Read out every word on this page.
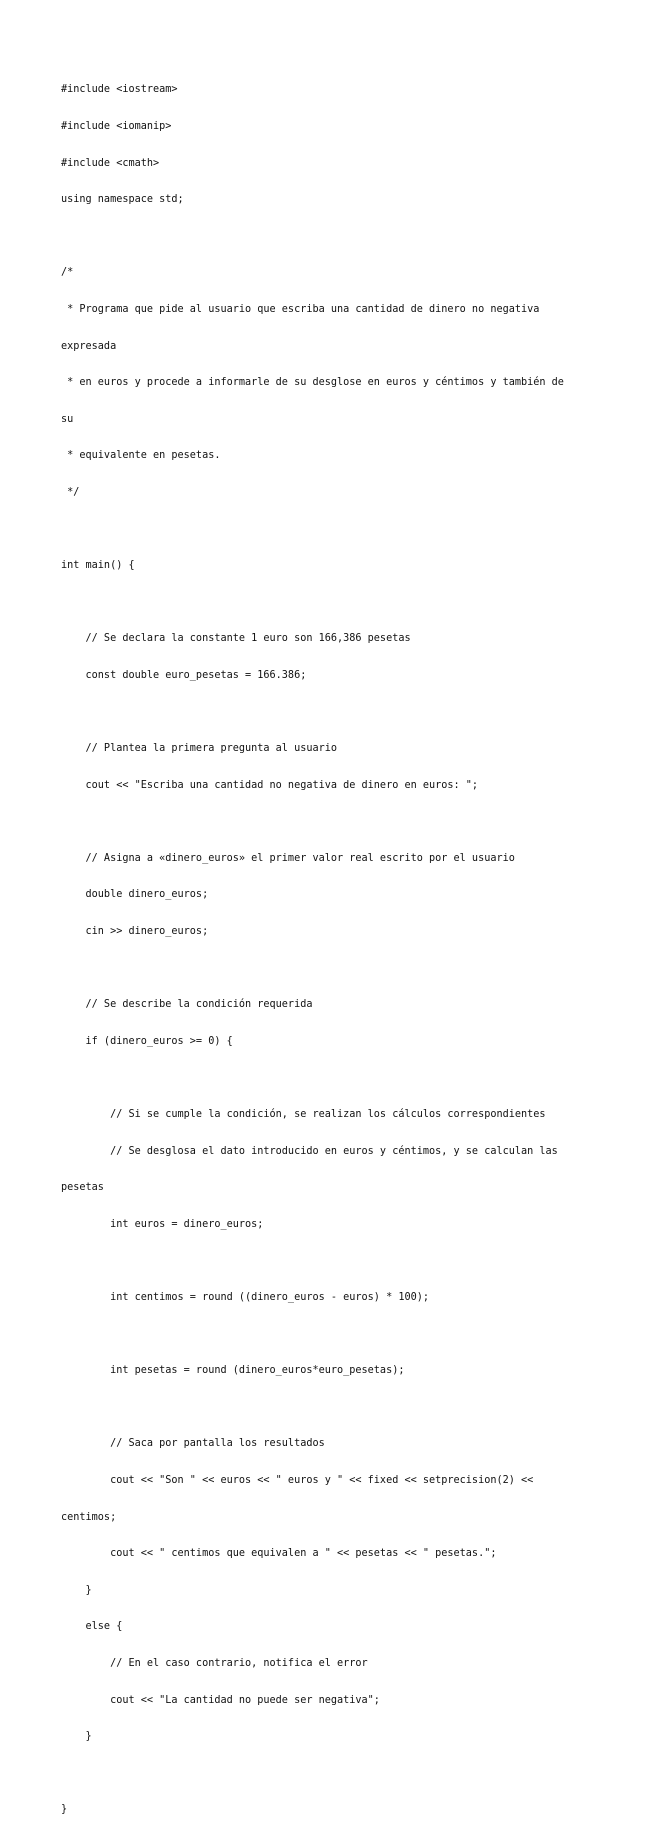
#include <iostream>

#include <iomanip>

#include <cmath>

using namespace std;

/*

* Programa que pide al usuario que escriba una cantidad de dinero no negativa

expresada

* en euros y procede a informarle de su desglose en euros y céntimos y también de

su

* equivalente en pesetas.

*/

int main() {

// Se declara la constante 1 euro son 166,386 pesetas

const double euro_pesetas = 166.386;

// Plantea la primera pregunta al usuario

cout << "Escriba una cantidad no negativa de dinero en euros: ";

// Asigna a «dinero_euros» el primer valor real escrito por el usuario

double dinero_euros;

cin >> dinero_euros;

// Se describe la condición requerida

if (dinero_euros >= 0) {

// Si se cumple la condición, se realizan los cálculos correspondientes

// Se desglosa el dato introducido en euros y céntimos, y se calculan las

pesetas

int euros = dinero_euros;

int centimos = round ((dinero_euros - euros) * 100);

int pesetas = round (dinero_euros*euro_pesetas);

// Saca por pantalla los resultados

cout << "Son " << euros << " euros y " << fixed << setprecision(2) <<

centimos;

cout << " centimos que equivalen a " << pesetas << " pesetas.";

}

else {

// En el caso contrario, notifica el error

cout << "La cantidad no puede ser negativa";

}

}
